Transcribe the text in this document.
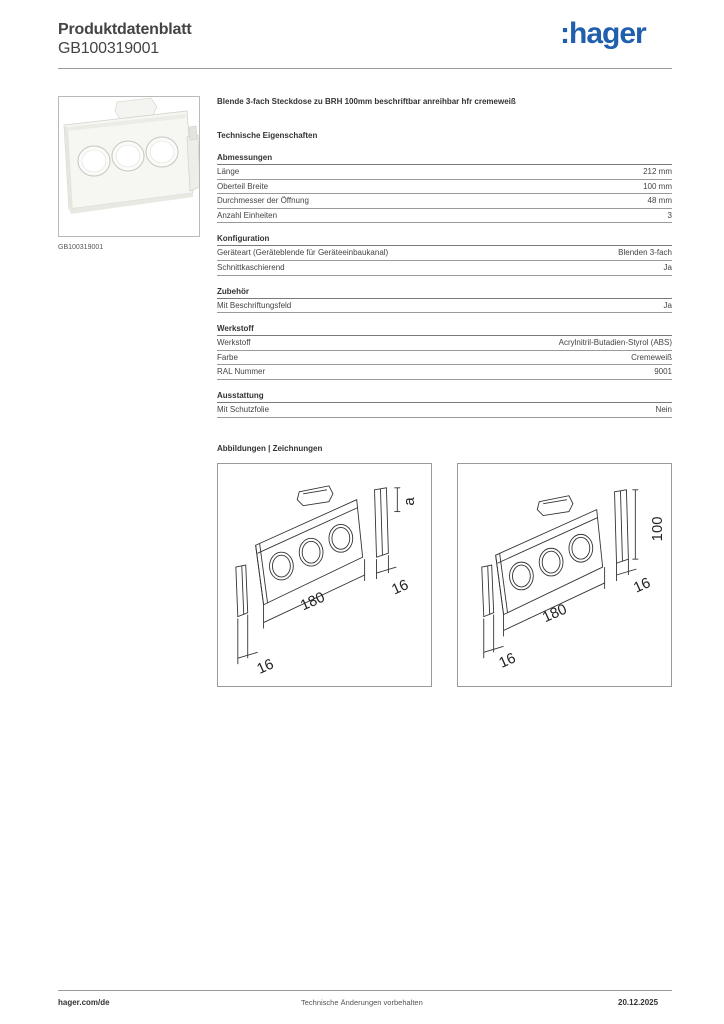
Produktdatenblatt
GB100319001	:hager
GB100319001
Blende 3-fach Steckdose zu BRH 100mm beschriftbar anreihbar hfr cremeweiß
Technische Eigenschaften
Abmessungen
Länge	212 mm
Oberteil Breite	100 mm
Durchmesser der Öffnung	48 mm
Anzahl Einheiten	3
Konfiguration
Geräteart (Geräteblende für Geräteeinbaukanal)	Blenden 3-fach
Schnittkaschierend	Ja
Zubehör
Mit Beschriftungsfeld	Ja
Werkstoff
Werkstoff	Acrylnitril-Butadien-Styrol (ABS)
Farbe	Cremeweiß
RAL Nummer	9001
Ausstattung
Mit Schutzfolie	Nein
Abbildungen | Zeichnungen
180
a
16
16
180
100
16
16
hager.com/de	Technische Änderungen vorbehalten	20.12.2025
